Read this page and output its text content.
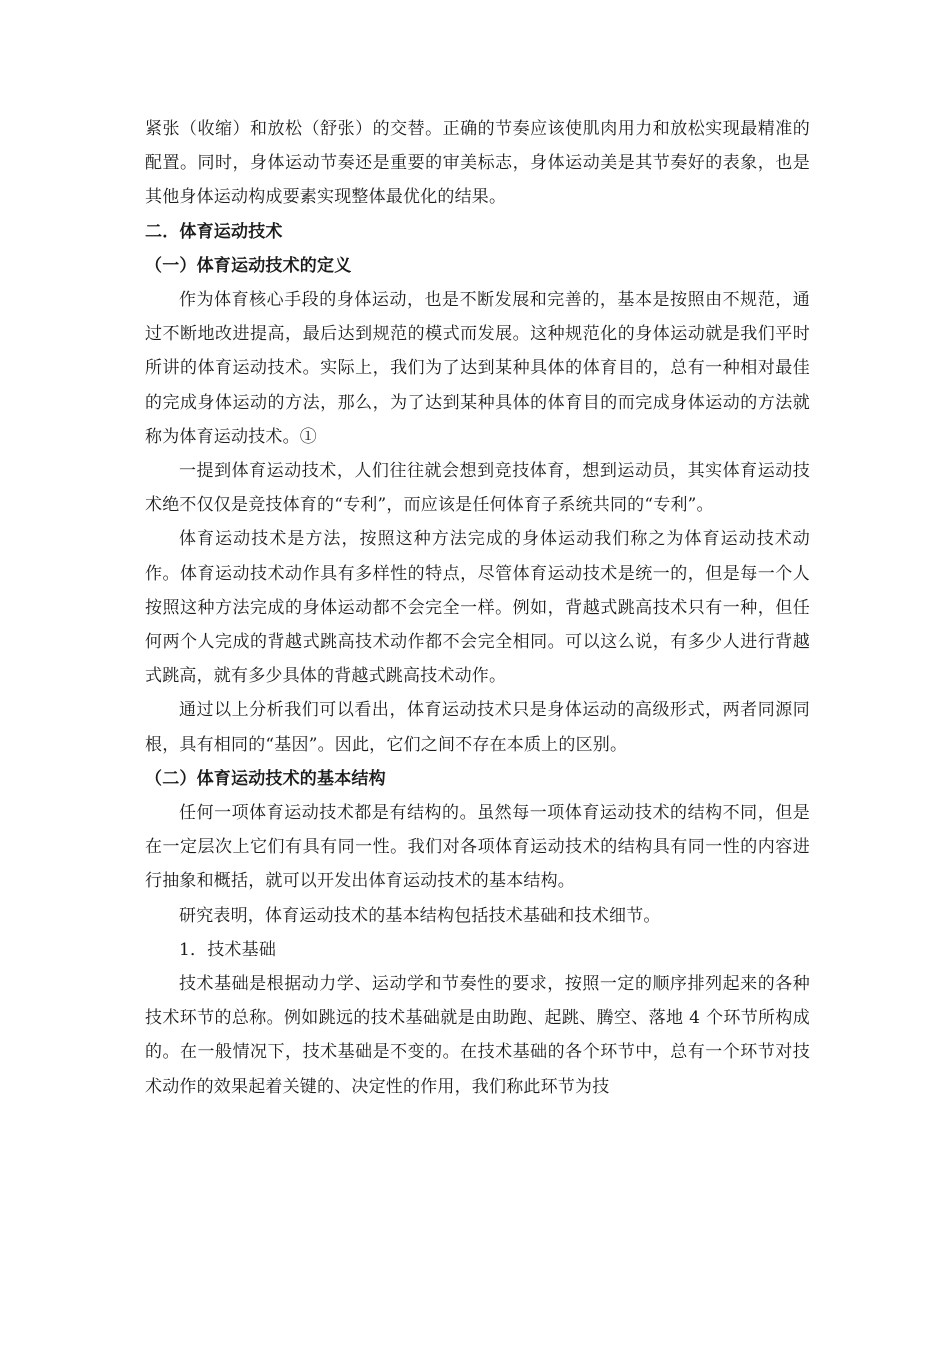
紧张（收缩）和放松（舒张）的交替。正确的节奏应该使肌肉用力和放松实现最精准的配置。同时，身体运动节奏还是重要的审美标志，身体运动美是其节奏好的表象，也是其他身体运动构成要素实现整体最优化的结果。

二．体育运动技术

（一）体育运动技术的定义

作为体育核心手段的身体运动，也是不断发展和完善的，基本是按照由不规范，通过不断地改进提高，最后达到规范的模式而发展。这种规范化的身体运动就是我们平时所讲的体育运动技术。实际上，我们为了达到某种具体的体育目的，总有一种相对最佳的完成身体运动的方法，那么，为了达到某种具体的体育目的而完成身体运动的方法就称为体育运动技术。①

一提到体育运动技术，人们往往就会想到竞技体育，想到运动员，其实体育运动技术绝不仅仅是竞技体育的“专利”，而应该是任何体育子系统共同的“专利”。

体育运动技术是方法，按照这种方法完成的身体运动我们称之为体育运动技术动作。体育运动技术动作具有多样性的特点，尽管体育运动技术是统一的，但是每一个人按照这种方法完成的身体运动都不会完全一样。例如，背越式跳高技术只有一种，但任何两个人完成的背越式跳高技术动作都不会完全相同。可以这么说，有多少人进行背越式跳高，就有多少具体的背越式跳高技术动作。

通过以上分析我们可以看出，体育运动技术只是身体运动的高级形式，两者同源同根，具有相同的“基因”。因此，它们之间不存在本质上的区别。

（二）体育运动技术的基本结构

任何一项体育运动技术都是有结构的。虽然每一项体育运动技术的结构不同，但是在一定层次上它们有具有同一性。我们对各项体育运动技术的结构具有同一性的内容进行抽象和概括，就可以开发出体育运动技术的基本结构。

研究表明，体育运动技术的基本结构包括技术基础和技术细节。

1．技术基础

技术基础是根据动力学、运动学和节奏性的要求，按照一定的顺序排列起来的各种技术环节的总称。例如跳远的技术基础就是由助跑、起跳、腾空、落地 4 个环节所构成的。在一般情况下，技术基础是不变的。在技术基础的各个环节中，总有一个环节对技术动作的效果起着关键的、决定性的作用，我们称此环节为技
